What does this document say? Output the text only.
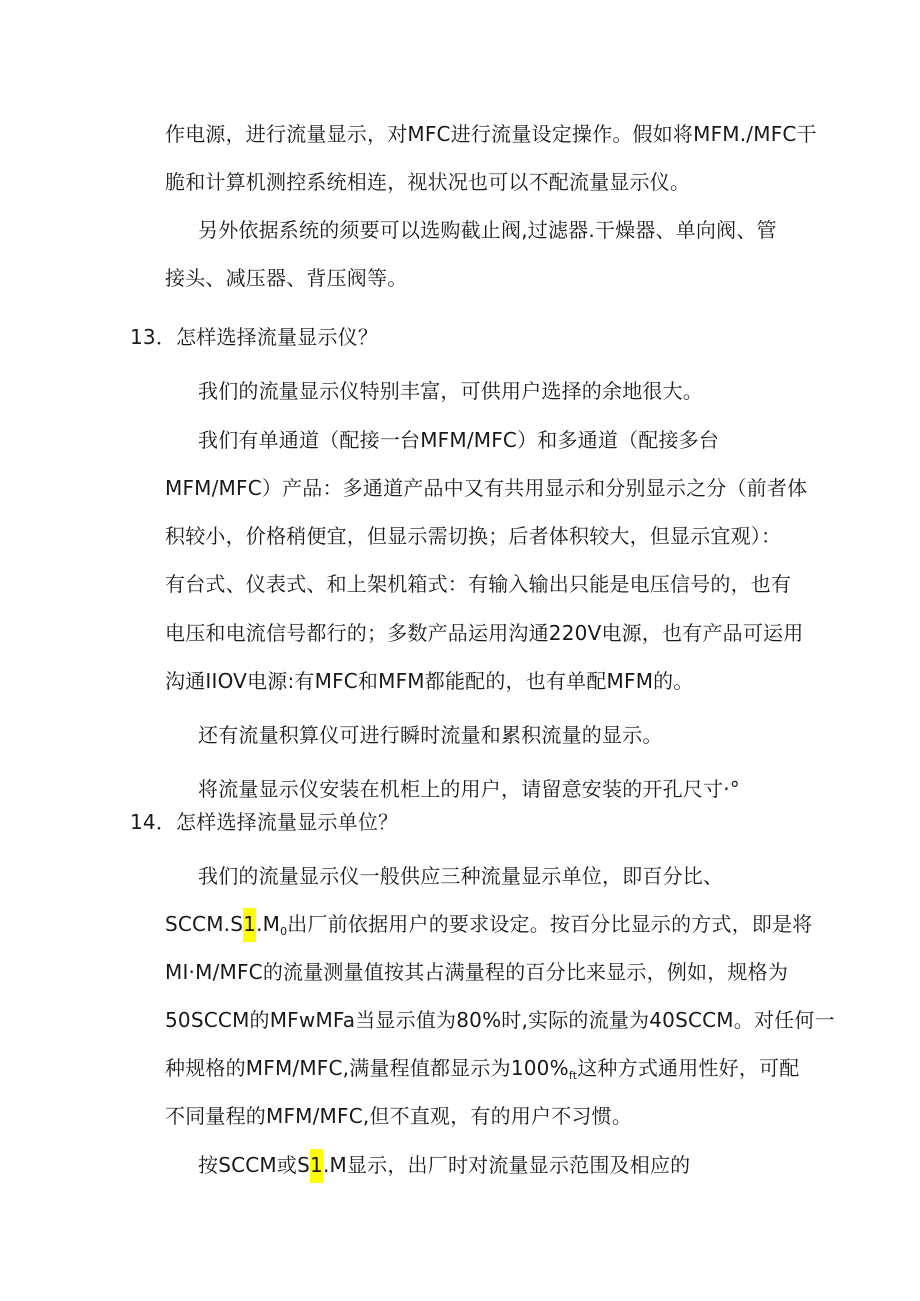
作电源，进行流量显示，对MFC进行流量设定操作。假如将MFM./MFC干
脆和计算机测控系统相连，视状况也可以不配流量显示仪。
另外依据系统的须要可以选购截止阀,过滤器.干燥器、单向阀、管
接头、减压器、背压阀等。
13．怎样选择流量显示仪？
我们的流量显示仪特别丰富，可供用户选择的余地很大。
我们有单通道（配接一台MFM/MFC）和多通道（配接多台
MFM/MFC）产品：多通道产品中又有共用显示和分别显示之分（前者体
积较小，价格稍便宜，但显示需切换；后者体积较大，但显示宜观）：
有台式、仪表式、和上架机箱式：有输入输出只能是电压信号的，也有
电压和电流信号都行的；多数产品运用沟通220V电源，也有产品可运用
沟通IIOV电源:有MFC和MFM都能配的，也有单配MFM的。
还有流量积算仪可进行瞬时流量和累积流量的显示。
将流量显示仪安装在机柜上的用户，请留意安装的开孔尺寸·°
14．怎样选择流量显示单位？
我们的流量显示仪一般供应三种流量显示单位，即百分比、
$SCCM.S1.M_0$出厂前依据用户的要求设定。按百分比显示的方式，即是将
MI·M/MFC的流量测量值按其占满量程的百分比来显示，例如，规格为
50SCCM的MFwMFa当显示值为80%时,实际的流量为40SCCM。对任何一
种规格的MFM/MFC,满量程值都显示为$100\%_{ft}$这种方式通用性好，可配
不同量程的MFM/MFC,但不直观，有的用户不习惯。
按SCCM或S1.M显示，出厂时对流量显示范围及相应的
